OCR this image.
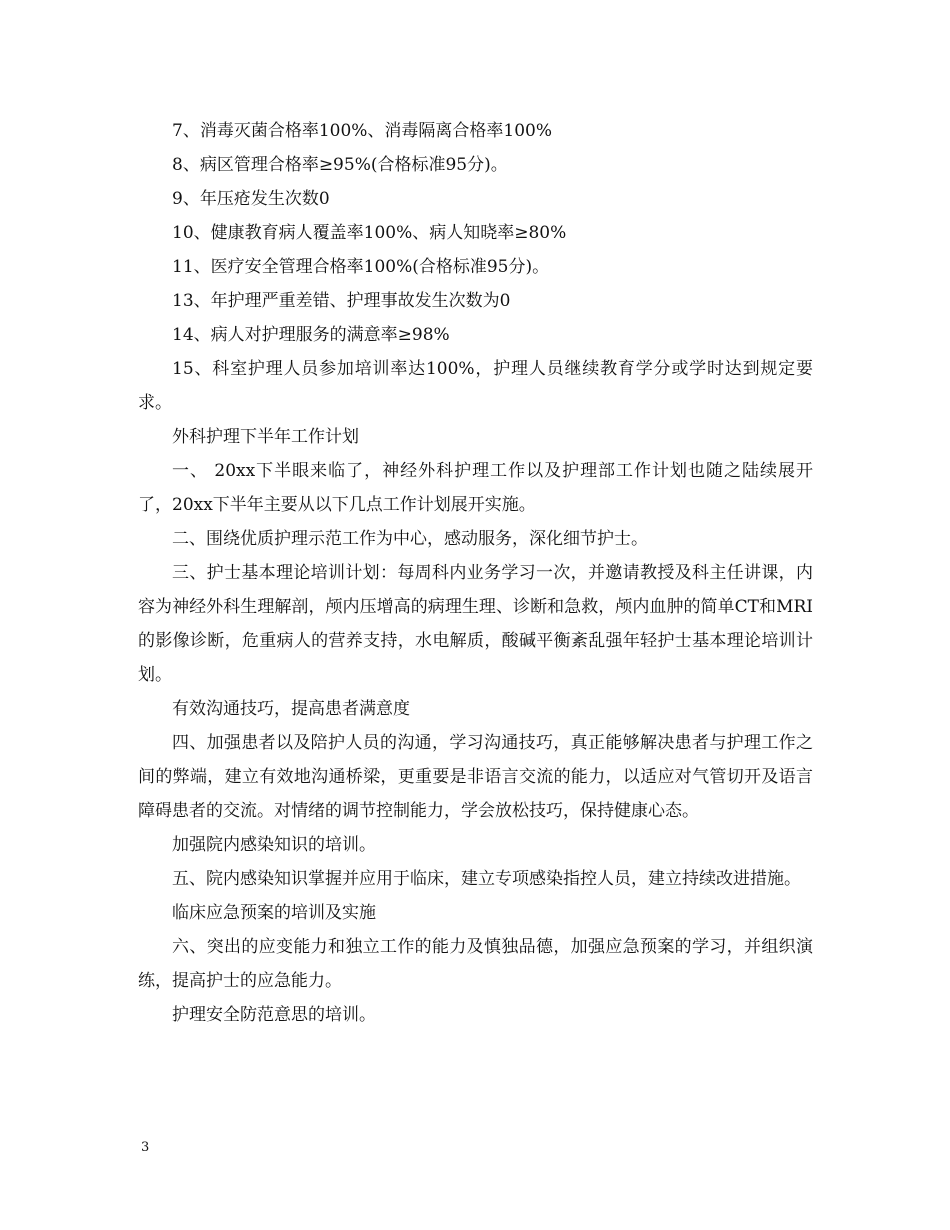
7、消毒灭菌合格率100%、消毒隔离合格率100%

8、病区管理合格率≥95%(合格标准95分)。

9、年压疮发生次数0

10、健康教育病人覆盖率100%、病人知晓率≥80%

11、医疗安全管理合格率100%(合格标准95分)。

13、年护理严重差错、护理事故发生次数为0

14、病人对护理服务的满意率≥98%

15、科室护理人员参加培训率达100%，护理人员继续教育学分或学时达到规定要求。

外科护理下半年工作计划

一、 20xx下半眼来临了，神经外科护理工作以及护理部工作计划也随之陆续展开了，20xx下半年主要从以下几点工作计划展开实施。

二、围绕优质护理示范工作为中心，感动服务，深化细节护士。

三、护士基本理论培训计划：每周科内业务学习一次，并邀请教授及科主任讲课，内容为神经外科生理解剖，颅内压增高的病理生理、诊断和急救，颅内血肿的简单CT和MRI的影像诊断，危重病人的营养支持，水电解质，酸碱平衡紊乱强年轻护士基本理论培训计划。

有效沟通技巧，提高患者满意度

四、加强患者以及陪护人员的沟通，学习沟通技巧，真正能够解决患者与护理工作之间的弊端，建立有效地沟通桥梁，更重要是非语言交流的能力，以适应对气管切开及语言障碍患者的交流。对情绪的调节控制能力，学会放松技巧，保持健康心态。

加强院内感染知识的培训。

五、院内感染知识掌握并应用于临床，建立专项感染指控人员，建立持续改进措施。

临床应急预案的培训及实施

六、突出的应变能力和独立工作的能力及慎独品德，加强应急预案的学习，并组织演练，提高护士的应急能力。

护理安全防范意思的培训。

3
